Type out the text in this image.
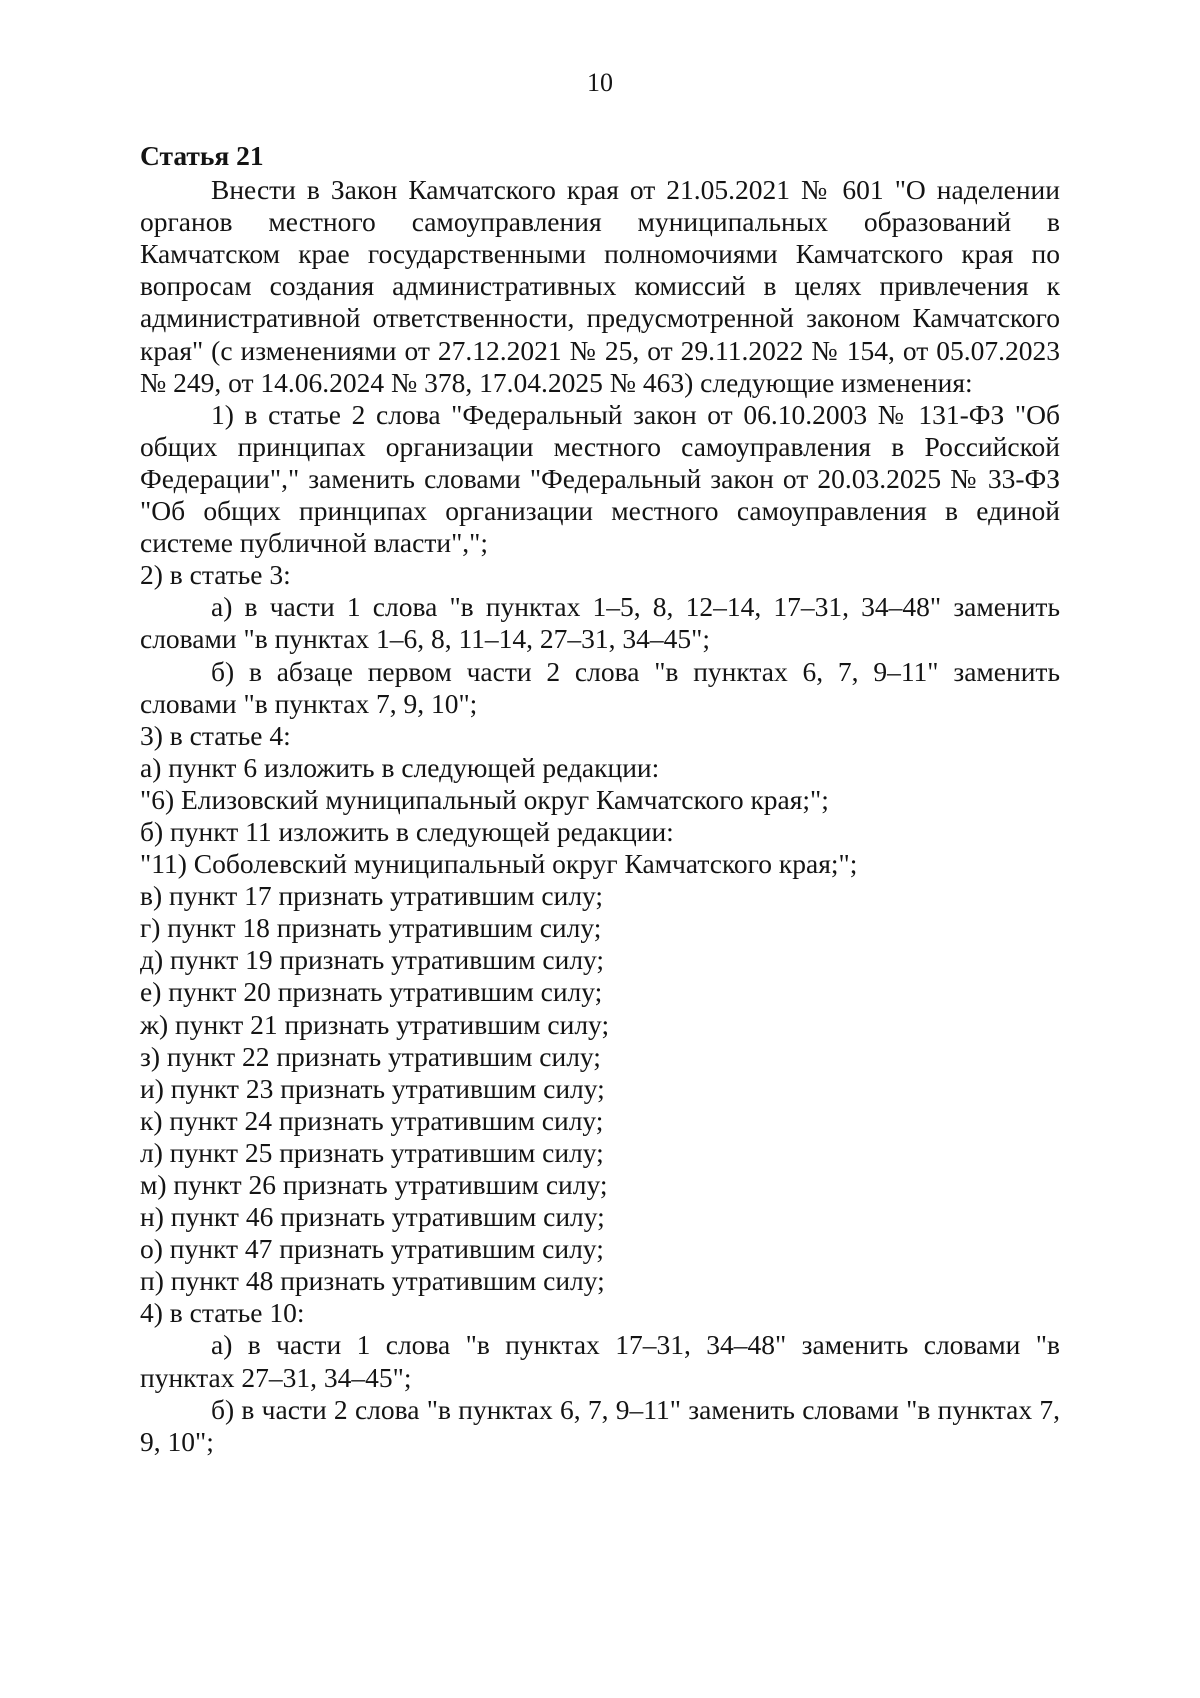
10

Статья 21

Внести в Закон Камчатского края от 21.05.2021 № 601 "О наделении органов местного самоуправления муниципальных образований в Камчатском крае государственными полномочиями Камчатского края по вопросам создания административных комиссий в целях привлечения к административной ответственности, предусмотренной законом Камчатского края" (с изменениями от 27.12.2021 № 25, от 29.11.2022 № 154, от 05.07.2023 № 249, от 14.06.2024 № 378, 17.04.2025 № 463) следующие изменения:

1) в статье 2 слова "Федеральный закон от 06.10.2003 № 131-ФЗ "Об общих принципах организации местного самоуправления в Российской Федерации"," заменить словами "Федеральный закон от 20.03.2025 № 33-ФЗ "Об общих принципах организации местного самоуправления в единой системе публичной власти",";

2) в статье 3:

а) в части 1 слова "в пунктах 1–5, 8, 12–14, 17–31, 34–48" заменить словами "в пунктах 1–6, 8, 11–14, 27–31, 34–45";

б) в абзаце первом части 2 слова "в пунктах 6, 7, 9–11" заменить словами "в пунктах 7, 9, 10";

3) в статье 4:

а) пункт 6 изложить в следующей редакции:

"6) Елизовский муниципальный округ Камчатского края;";

б) пункт 11 изложить в следующей редакции:

"11) Соболевский муниципальный округ Камчатского края;";

в) пункт 17 признать утратившим силу;

г) пункт 18 признать утратившим силу;

д) пункт 19 признать утратившим силу;

е) пункт 20 признать утратившим силу;

ж) пункт 21 признать утратившим силу;

з) пункт 22 признать утратившим силу;

и) пункт 23 признать утратившим силу;

к) пункт 24 признать утратившим силу;

л) пункт 25 признать утратившим силу;

м) пункт 26 признать утратившим силу;

н) пункт 46 признать утратившим силу;

о) пункт 47 признать утратившим силу;

п) пункт 48 признать утратившим силу;

4) в статье 10:

а) в части 1 слова "в пунктах 17–31, 34–48" заменить словами "в пунктах 27–31, 34–45";

б) в части 2 слова "в пунктах 6, 7, 9–11" заменить словами "в пунктах 7, 9, 10";
